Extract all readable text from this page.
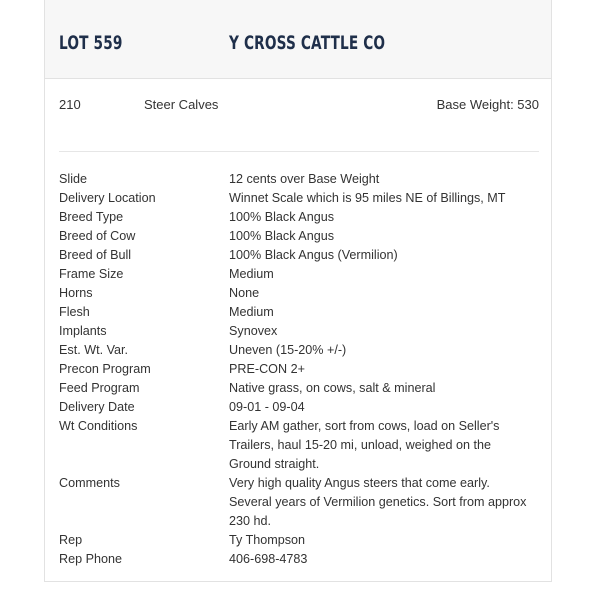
LOT 559	Y CROSS CATTLE CO
210	Steer Calves	Base Weight: 530
Slide	12 cents over Base Weight
Delivery Location	Winnet Scale which is 95 miles NE of Billings, MT
Breed Type	100% Black Angus
Breed of Cow	100% Black Angus
Breed of Bull	100% Black Angus (Vermilion)
Frame Size	Medium
Horns	None
Flesh	Medium
Implants	Synovex
Est. Wt. Var.	Uneven (15-20% +/-)
Precon Program	PRE-CON 2+
Feed Program	Native grass, on cows, salt & mineral
Delivery Date	09-01 - 09-04
Wt Conditions	Early AM gather, sort from cows, load on Seller's Trailers, haul 15-20 mi, unload, weighed on the Ground straight.
Comments	Very high quality Angus steers that come early. Several years of Vermilion genetics. Sort from approx 230 hd.
Rep	Ty Thompson
Rep Phone	406-698-4783
